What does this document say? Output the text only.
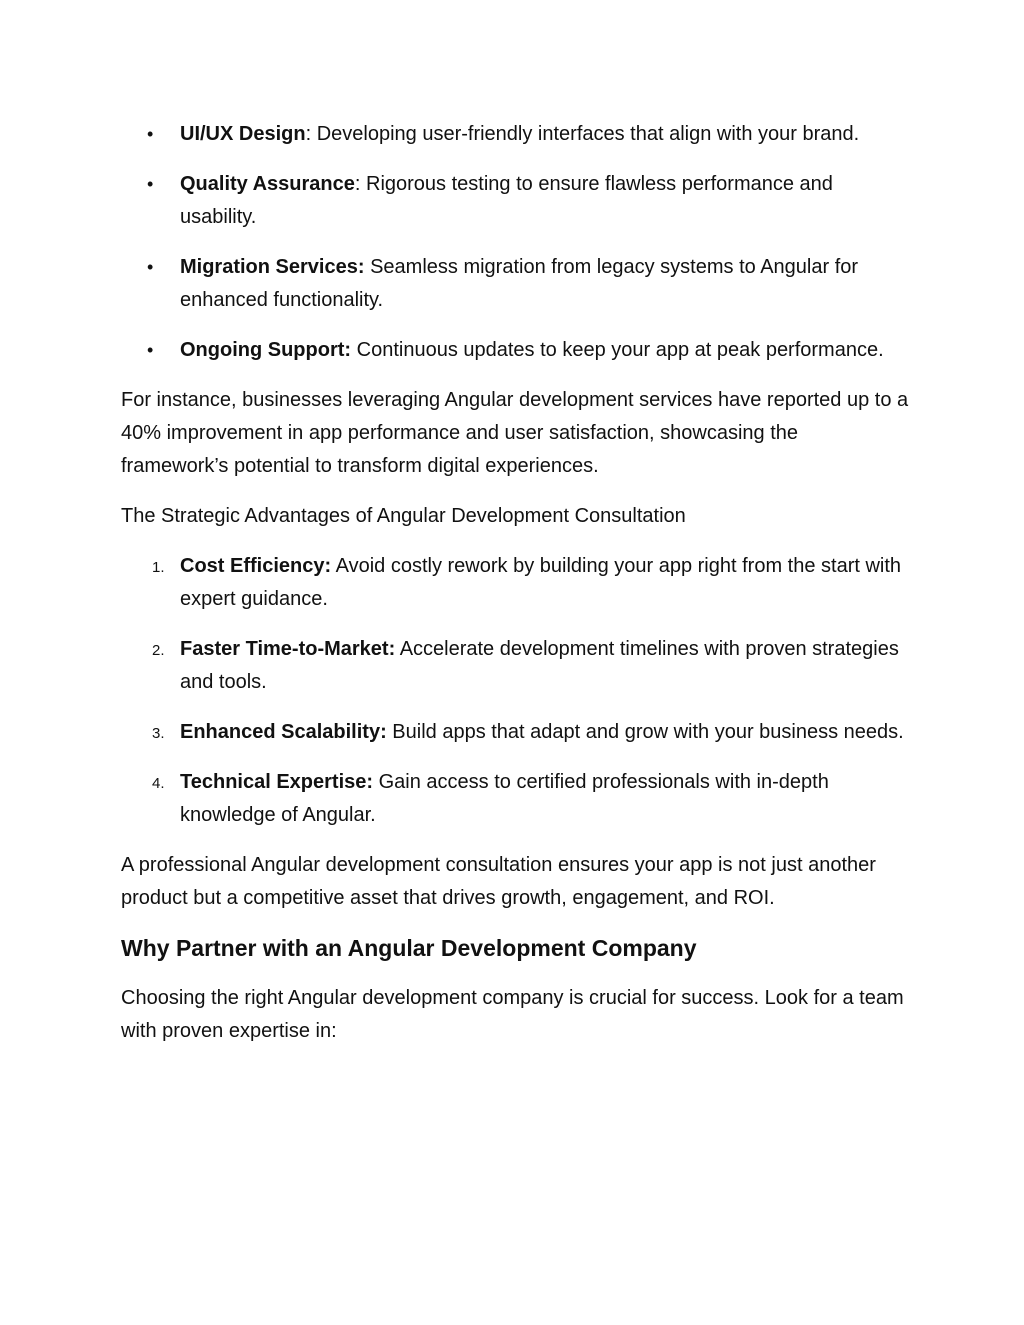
• UI/UX Design: Developing user-friendly interfaces that align with your brand.
• Quality Assurance: Rigorous testing to ensure flawless performance and usability.
• Migration Services: Seamless migration from legacy systems to Angular for enhanced functionality.
• Ongoing Support: Continuous updates to keep your app at peak performance.

For instance, businesses leveraging Angular development services have reported up to a 40% improvement in app performance and user satisfaction, showcasing the framework’s potential to transform digital experiences.

The Strategic Advantages of Angular Development Consultation

1. Cost Efficiency: Avoid costly rework by building your app right from the start with expert guidance.
2. Faster Time-to-Market: Accelerate development timelines with proven strategies and tools.
3. Enhanced Scalability: Build apps that adapt and grow with your business needs.
4. Technical Expertise: Gain access to certified professionals with in-depth knowledge of Angular.

A professional Angular development consultation ensures your app is not just another product but a competitive asset that drives growth, engagement, and ROI.

Why Partner with an Angular Development Company

Choosing the right Angular development company is crucial for success. Look for a team with proven expertise in:
